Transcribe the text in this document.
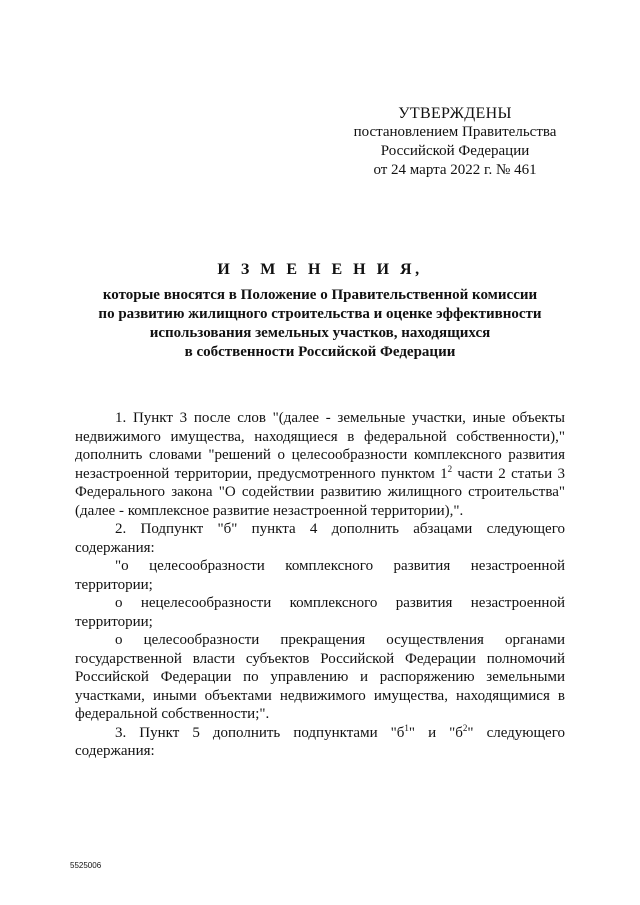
УТВЕРЖДЕНЫ
постановлением Правительства
Российской Федерации
от 24 марта 2022 г. № 461
И З М Е Н Е Н И Я,
которые вносятся в Положение о Правительственной комиссии
по развитию жилищного строительства и оценке эффективности
использования земельных участков, находящихся
в собственности Российской Федерации

1. Пункт 3 после слов "(далее - земельные участки, иные объекты недвижимого имущества, находящиеся в федеральной собственности)," дополнить словами "решений о целесообразности комплексного развития незастроенной территории, предусмотренного пунктом $1^2$ части 2 статьи 3 Федерального закона "О содействии развитию жилищного строительства" (далее - комплексное развитие незастроенной территории),".

2. Подпункт "б" пункта 4 дополнить абзацами следующего содержания:

"о целесообразности комплексного развития незастроенной территории;

о нецелесообразности комплексного развития незастроенной территории;

о целесообразности прекращения осуществления органами государственной власти субъектов Российской Федерации полномочий Российской Федерации по управлению и распоряжению земельными участками, иными объектами недвижимого имущества, находящимися в федеральной собственности;".

3. Пункт 5 дополнить подпунктами "$б^1$" и "$б^2$" следующего содержания:

5525006
